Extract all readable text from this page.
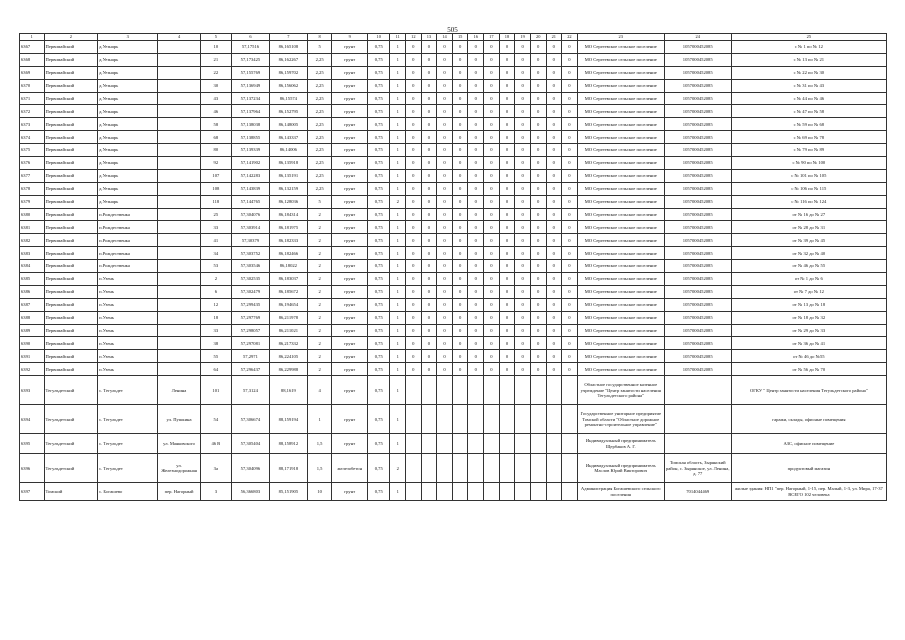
505
1	2	3	4	5	6	7	8	9	10	11	12	13	14	15	16	17	18	19	20	21	22	23	24	25
6367	Первомайский	д.Уеэнарь		10	57,17516	86,165108	5	грунт	0,75	1	0	0	0	0	0	0	0	0	0	0	0	МО Сергеевское сельское поселение	1057000452085	с № 1 по № 12
6368	Первомайский	д.Уеэнарь		21	57,173425	86,162267	2,25	грунт	0,75	1	0	0	0	0	0	0	0	0	0	0	0	МО Сергеевское сельское поселение	1057000452085	с № 13 по № 21
6369	Первомайский	д.Уеэнарь		22	57,155769	86,159702	2,25	грунт	0,75	1	0	0	0	0	0	0	0	0	0	0	0	МО Сергеевское сельское поселение	1057000452085	с № 22 по № 30
6370	Первомайский	д.Уеэнарь		30	57,136949	86,156062	2,25	грунт	0,75	1	0	0	0	0	0	0	0	0	0	0	0	МО Сергеевское сельское поселение	1057000452085	с № 31 по № 43
6371	Первомайский	д.Уеэнарь		43	57,137234	86,15574	2,25	грунт	0,75	1	0	0	0	0	0	0	0	0	0	0	0	МО Сергеевское сельское поселение	1057000452085	с № 44 по № 46
6372	Первомайский	д.Уеэнарь		46	57,137964	86,152795	2,25	грунт	0,75	1	0	0	0	0	0	0	0	0	0	0	0	МО Сергеевское сельское поселение	1057000452085	с № 47 по № 58
6373	Первомайский	д.Уеэнарь		58	57,138038	86,148005	2,25	грунт	0,75	1	0	0	0	0	0	0	0	0	0	0	0	МО Сергеевское сельское поселение	1057000452085	с № 59 по № 68
6374	Первомайский	д.Уеэнарь		68	57,138855	86,143337	2,25	грунт	0,75	1	0	0	0	0	0	0	0	0	0	0	0	МО Сергеевское сельское поселение	1057000452085	с № 69 по № 78
6375	Первомайский	д.Уеэнарь		80	57,139339	86,14006	2,25	грунт	0,75	1	0	0	0	0	0	0	0	0	0	0	0	МО Сергеевское сельское поселение	1057000452085	с № 79 по № 89
6376	Первомайский	д.Уеэнарь		92	57,141902	86,135918	2,25	грунт	0,75	1	0	0	0	0	0	0	0	0	0	0	0	МО Сергеевское сельское поселение	1057000452085	с № 90 по № 100
6377	Первомайский	д.Уеэнарь		107	57,142283	86,135191	2,25	грунт	0,75	1	0	0	0	0	0	0	0	0	0	0	0	МО Сергеевское сельское поселение	1057000452085	с № 101 по № 105
6378	Первомайский	д.Уеэнарь		108	57,143839	86,132159	2,25	грунт	0,75	1	0	0	0	0	0	0	0	0	0	0	0	МО Сергеевское сельское поселение	1057000452085	с № 106 по № 115
6379	Первомайский	д.Уеэнарь		118	57,144765	86,128036	5	грунт	0,75	2	0	0	0	0	0	0	0	0	0	0	0	МО Сергеевское сельское поселение	1057000452085	с № 116 по № 124
6380	Первомайский	п.Рождественка		25	57,304076	86,184314	2	грунт	0,75	1	0	0	0	0	0	0	0	0	0	0	0	МО Сергеевское сельское поселение	1057000452085	от № 16 до № 27
6381	Первомайский	п.Рождественка		33	57,303914	86,181975	2	грунт	0,75	1	0	0	0	0	0	0	0	0	0	0	0	МО Сергеевское сельское поселение	1057000452085	от № 28 до № 31
6382	Первомайский	п.Рождественка		41	57,30379	86,182333	2	грунт	0,75	1	0	0	0	0	0	0	0	0	0	0	0	МО Сергеевское сельское поселение	1057000452085	от № 39 до № 45
6383	Первомайский	п.Рождественка		34	57,303752	86,182466	2	грунт	0,75	1	0	0	0	0	0	0	0	0	0	0	0	МО Сергеевское сельское поселение	1057000452085	от № 32 до № 40
6384	Первомайский	п.Рождественка		53	57,303546	86,18022	2	грунт	0,75	1	0	0	0	0	0	0	0	0	0	0	0	МО Сергеевское сельское поселение	1057000452085	от № 46 до № 55
6385	Первомайский	п.Узень		2	57,302535	86,183037	2	грунт	0,75	1	0	0	0	0	0	0	0	0	0	0	0	МО Сергеевское сельское поселение	1057000452085	от № 1 до № 6
6386	Первомайский	п.Узень		6	57,302479	86,185672	2	грунт	0,75	1	0	0	0	0	0	0	0	0	0	0	0	МО Сергеевское сельское поселение	1057000452085	от № 7 до № 12
6387	Первомайский	п.Узень		12	57,299435	86,194654	2	грунт	0,75	1	0	0	0	0	0	0	0	0	0	0	0	МО Сергеевское сельское поселение	1057000452085	от № 13 до № 18
6388	Первомайский	п.Узень		18	57,297769	86,211978	2	грунт	0,75	1	0	0	0	0	0	0	0	0	0	0	0	МО Сергеевское сельское поселение	1057000452085	от № 18 до № 32
6389	Первомайский	п.Узень		33	57,298057	86,211021	2	грунт	0,75	1	0	0	0	0	0	0	0	0	0	0	0	МО Сергеевское сельское поселение	1057000452085	от № 29 до № 33
6390	Первомайский	п.Узень		38	57,297081	86,217332	2	грунт	0,75	1	0	0	0	0	0	0	0	0	0	0	0	МО Сергеевское сельское поселение	1057000452085	от № 36 до № 41
6391	Первомайский	п.Узень		55	57,2971	86,224105	2	грунт	0,75	1	0	0	0	0	0	0	0	0	0	0	0	МО Сергеевское сельское поселение	1057000452085	от № 46 до №55
6392	Первомайский	п.Узень		64	57,296437	86,229988	2	грунт	0,75	1	0	0	0	0	0	0	0	0	0	0	0	МО Сергеевское сельское поселение	1057000452085	от № 56 до № 70
6393	Тегульдетский	с. Тегульдет	Ленина	101	57,3124	88,1619	4	грунт	0,75	1												Областное государственное казенное учреждение "Центр занятости населения Тегульдетского района"		ОГКУ " Центр занятости населения Тегульдетского района"
6394	Тегульдетский	с. Тегульдет	ул. Пушкина	54	57,306674	88,159194	1	грунт	0,75	1												Государственное унитарное предприятие Томской области "Областное дорожное ремонтно-строительное управление"		гаражи, склады, офисные помещения
6395	Тегульдетский	с. Тегульдет	ул. Маяковского	46 В	57,305404	88,158912	1,5	грунт	0,75	1												Индивидуальный предприниматель Щербаков А. Г.		АЗС, офисное помещение
6396	Тегульдетский	с. Тегульдет	ул. Железнодорожная	3а	57,304096	88,171918	1,5	железобетон	0,75	2												Индивидуальный предприниматель Маслов Юрий Викторович	Томская область, Зырянский район, с. Зырянское, ул. Ленина, д. 77	продуктовый магазин
6397	Томский	с. Богашево	пер. Нагорный	3	56,366803	85,151905	10	грунт	0,75	1												Администрация Богашевского сельского поселения	7014044469	жилые здания: НП1 "пер. Нагорный, 1-15, пер. Малый, 1-3, ул. Мира, 17-37 ВСЕГО 102 человека
